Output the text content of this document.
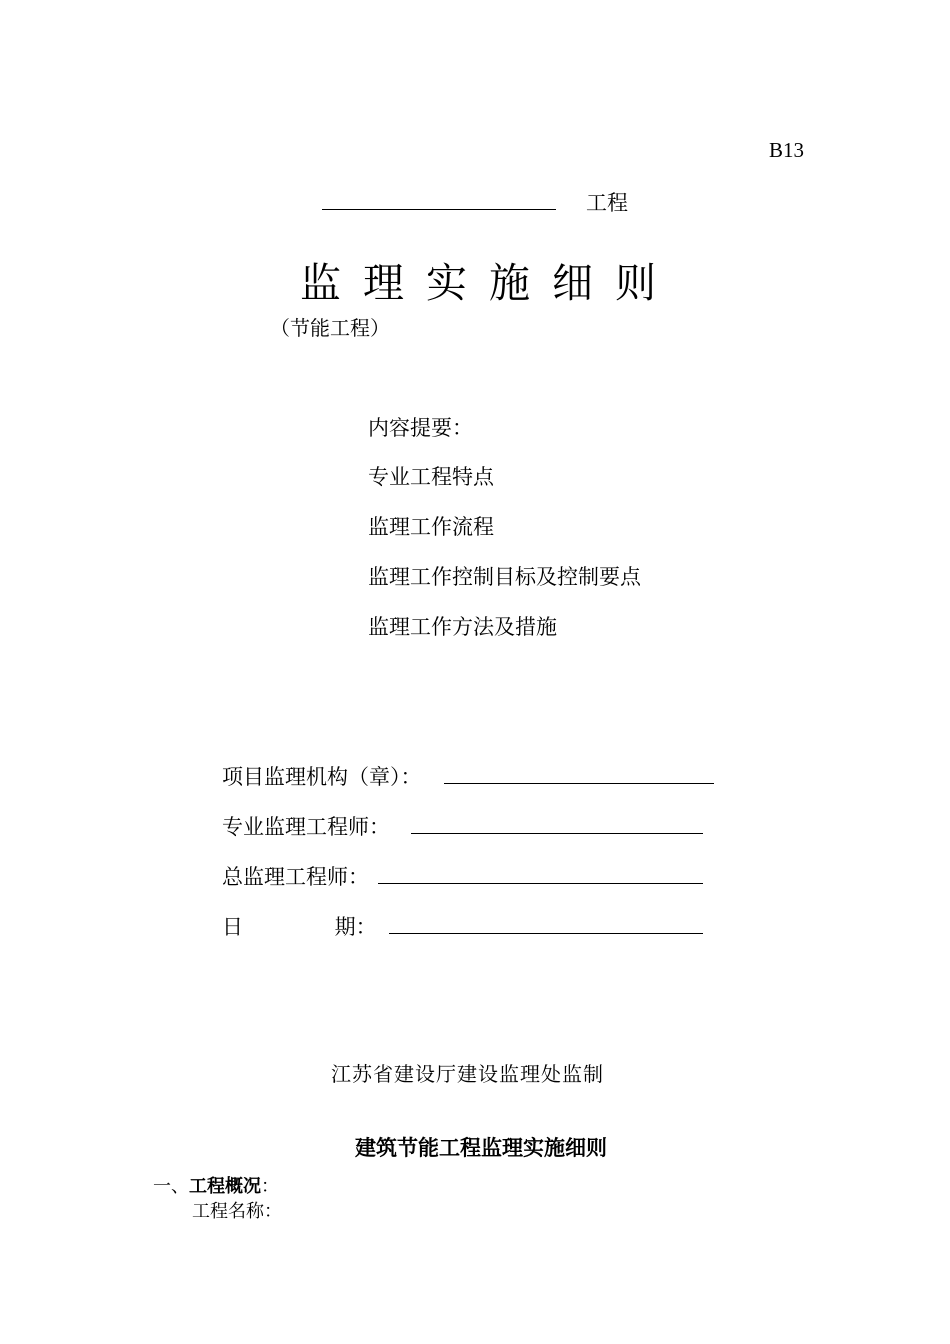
B13
工程
监理实施细则
（节能工程）
内容提要：
专业工程特点
监理工作流程
监理工作控制目标及控制要点
监理工作方法及措施
项目监理机构（章）：
专业监理工程师：
总监理工程师：
日 期：
江苏省建设厅建设监理处监制
建筑节能工程监理实施细则
一、工程概况：
工程名称：
